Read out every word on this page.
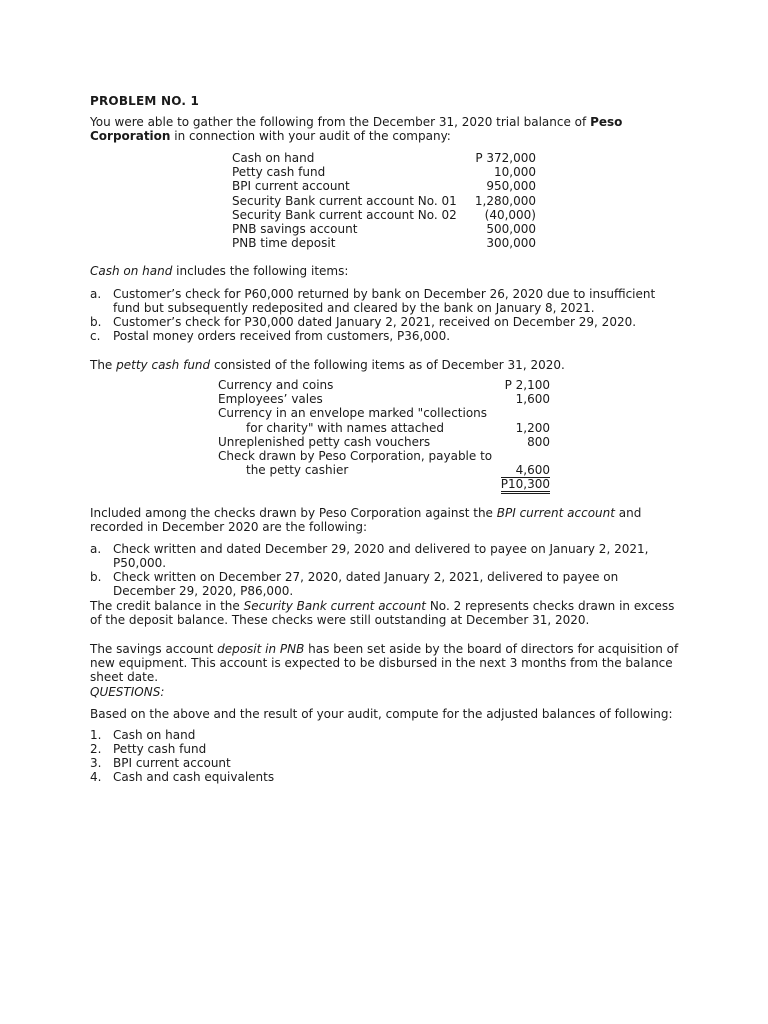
PROBLEM NO. 1
You were able to gather the following from the December 31, 2020 trial balance of Peso Corporation in connection with your audit of the company:
Cash on hand	P 372,000
Petty cash fund	10,000
BPI current account	950,000
Security Bank current account No. 01 1,280,000
Security Bank current account No. 02 (40,000)
PNB savings account	500,000
PNB time deposit	300,000
Cash on hand includes the following items:
a. Customer’s check for P60,000 returned by bank on December 26, 2020 due to insufficient fund but subsequently redeposited and cleared by the bank on January 8, 2021.
b. Customer’s check for P30,000 dated January 2, 2021, received on December 29, 2020.
c. Postal money orders received from customers, P36,000.
The petty cash fund consisted of the following items as of December 31, 2020.
Currency and coins	P 2,100
Employees’ vales	1,600
Currency in an envelope marked "collections
for charity" with names attached	1,200
Unreplenished petty cash vouchers	800
Check drawn by Peso Corporation, payable to
the petty cashier	4,600
P10,300
Included among the checks drawn by Peso Corporation against the BPI current account and recorded in December 2020 are the following:
a. Check written and dated December 29, 2020 and delivered to payee on January 2, 2021, P50,000.
b. Check written on December 27, 2020, dated January 2, 2021, delivered to payee on December 29, 2020, P86,000.
The credit balance in the Security Bank current account No. 2 represents checks drawn in excess of the deposit balance. These checks were still outstanding at December 31, 2020.
The savings account deposit in PNB has been set aside by the board of directors for acquisition of new equipment. This account is expected to be disbursed in the next 3 months from the balance sheet date.
QUESTIONS:
Based on the above and the result of your audit, compute for the adjusted balances of following:
1. Cash on hand
2. Petty cash fund
3. BPI current account
4. Cash and cash equivalents
